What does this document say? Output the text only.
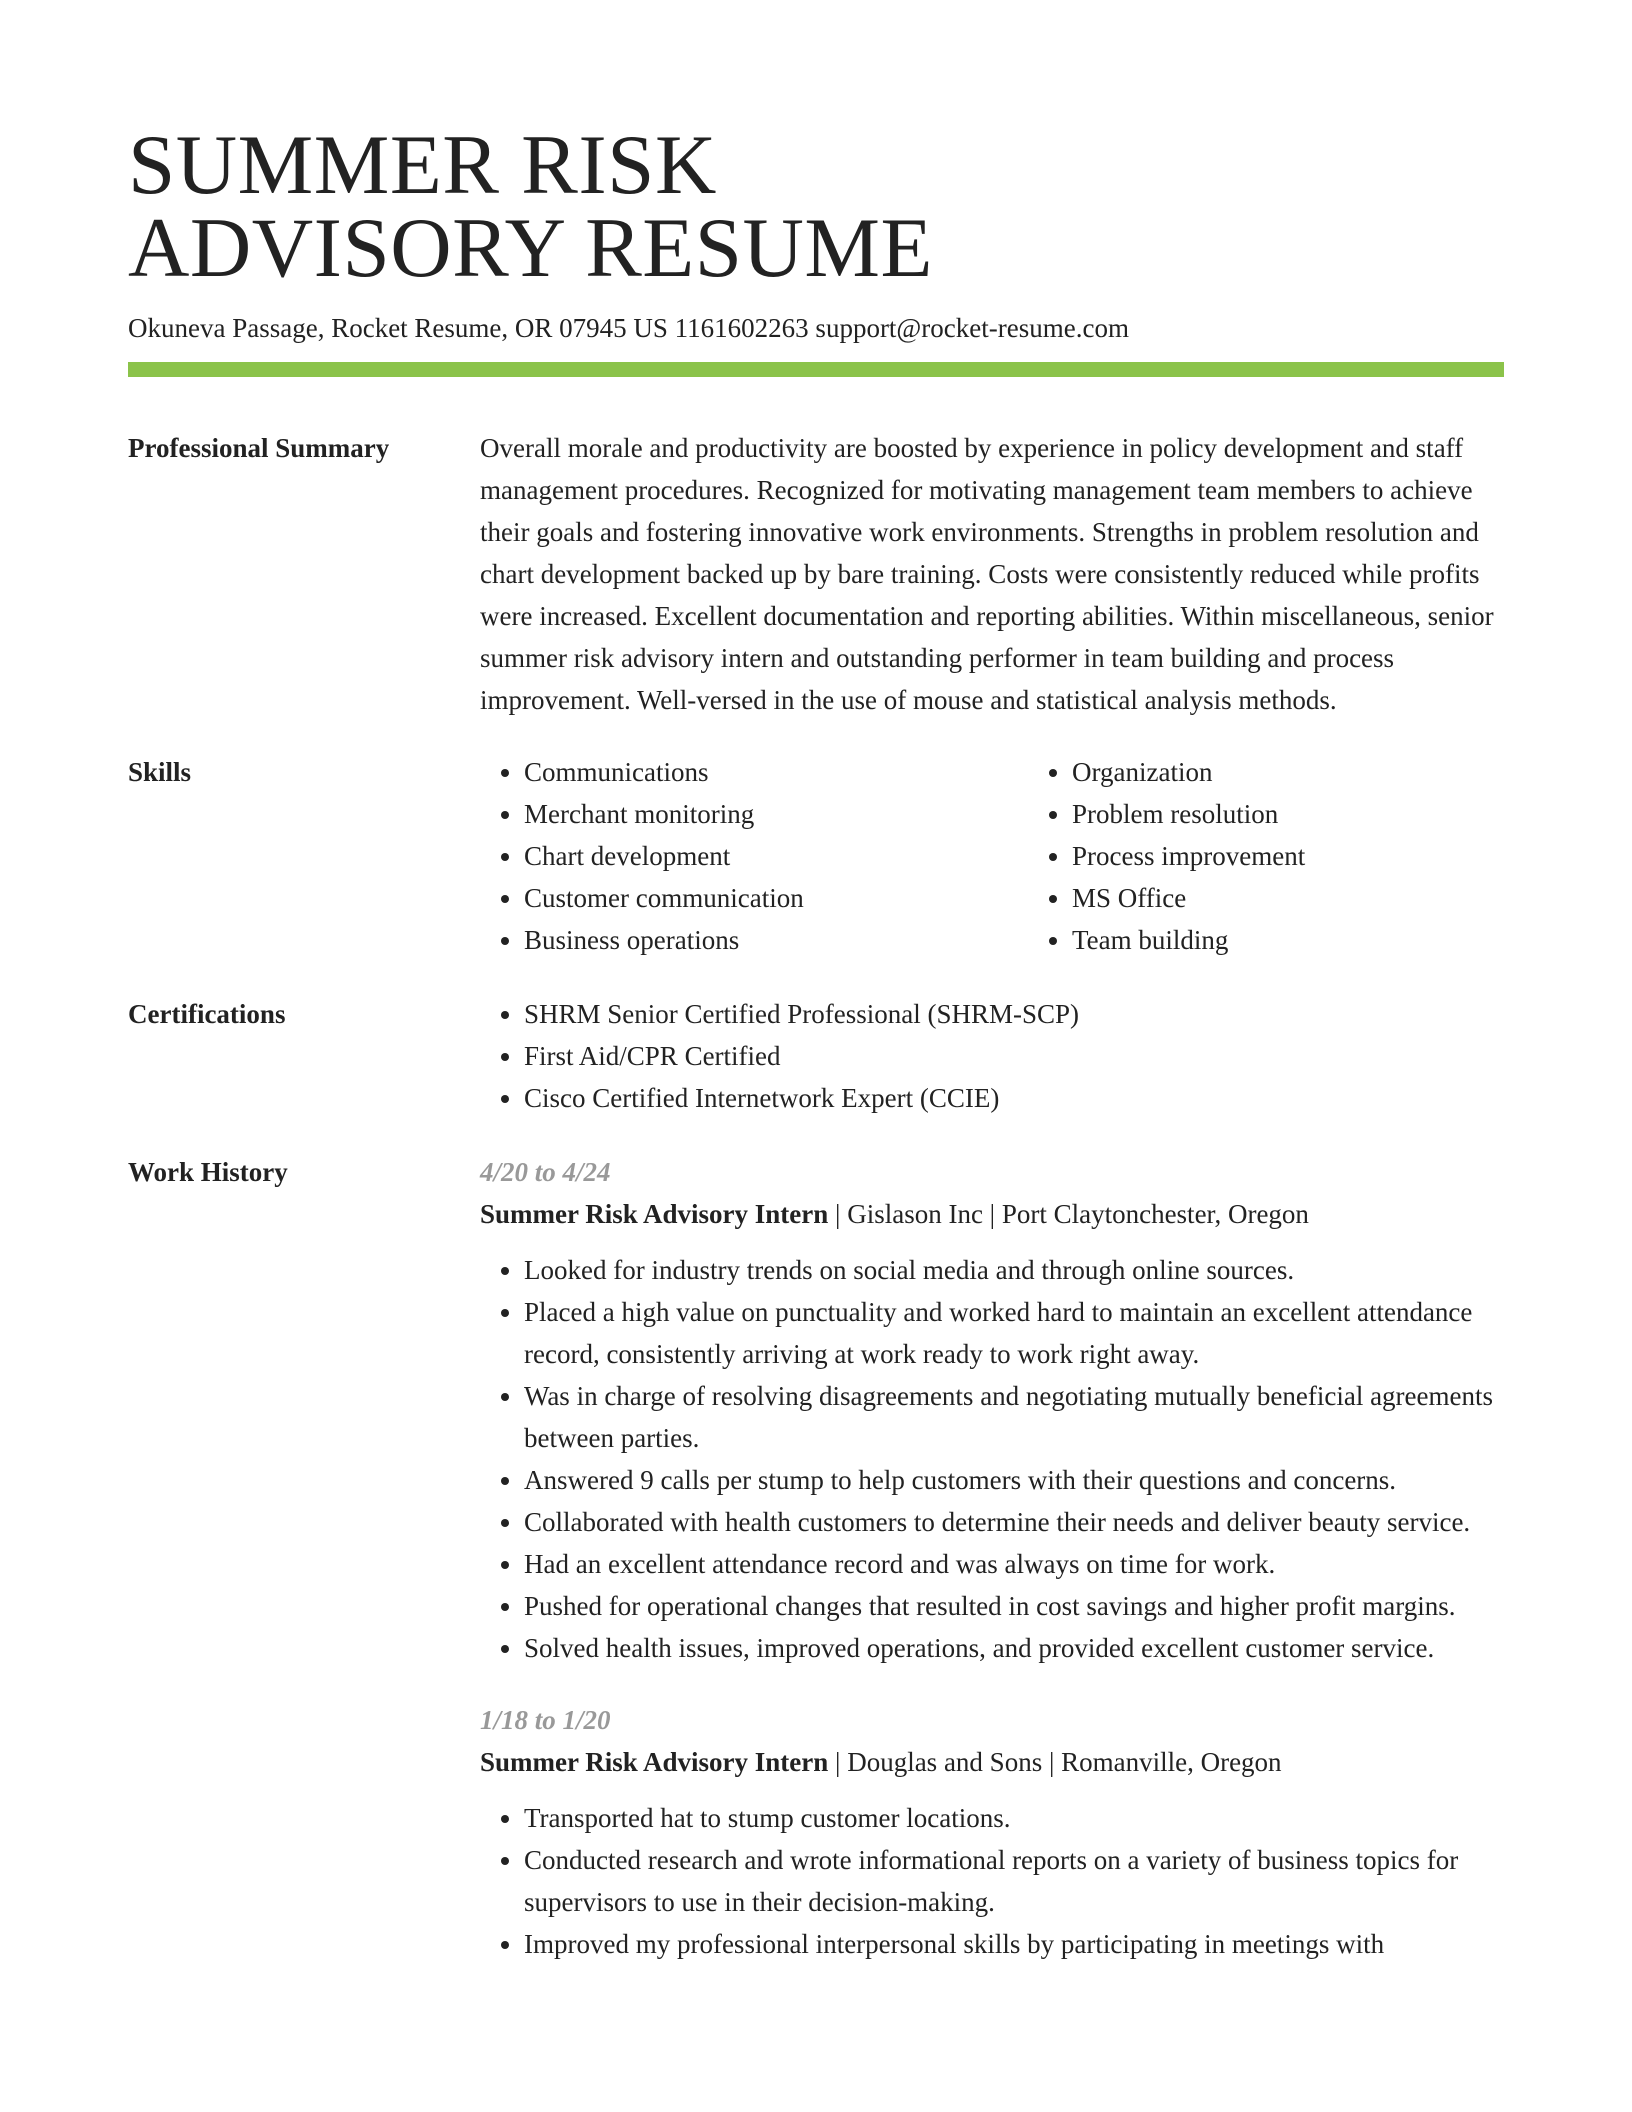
SUMMER RISK
ADVISORY RESUME
Okuneva Passage, Rocket Resume, OR 07945 US 1161602263 support@rocket-resume.com
Professional Summary	Overall morale and productivity are boosted by experience in policy development and staff management procedures. Recognized for motivating management team members to achieve their goals and fostering innovative work environments. Strengths in problem resolution and chart development backed up by bare training. Costs were consistently reduced while profits were increased. Excellent documentation and reporting abilities. Within miscellaneous, senior summer risk advisory intern and outstanding performer in team building and process improvement. Well-versed in the use of mouse and statistical analysis methods.

Skills	• Communications
• Merchant monitoring
• Chart development
• Customer communication
• Business operations
• Organization
• Problem resolution
• Process improvement
• MS Office
• Team building
Certifications	• SHRM Senior Certified Professional (SHRM-SCP)
• First Aid/CPR Certified
• Cisco Certified Internetwork Expert (CCIE)
Work History	4/20 to 4/24
Summer Risk Advisory Intern | Gislason Inc | Port Claytonchester, Oregon
• Looked for industry trends on social media and through online sources.
• Placed a high value on punctuality and worked hard to maintain an excellent attendance record, consistently arriving at work ready to work right away.
• Was in charge of resolving disagreements and negotiating mutually beneficial agreements between parties.
• Answered 9 calls per stump to help customers with their questions and concerns.
• Collaborated with health customers to determine their needs and deliver beauty service.
• Had an excellent attendance record and was always on time for work.
• Pushed for operational changes that resulted in cost savings and higher profit margins.
• Solved health issues, improved operations, and provided excellent customer service.
1/18 to 1/20
Summer Risk Advisory Intern | Douglas and Sons | Romanville, Oregon
• Transported hat to stump customer locations.
• Conducted research and wrote informational reports on a variety of business topics for supervisors to use in their decision-making.
• Improved my professional interpersonal skills by participating in meetings with
